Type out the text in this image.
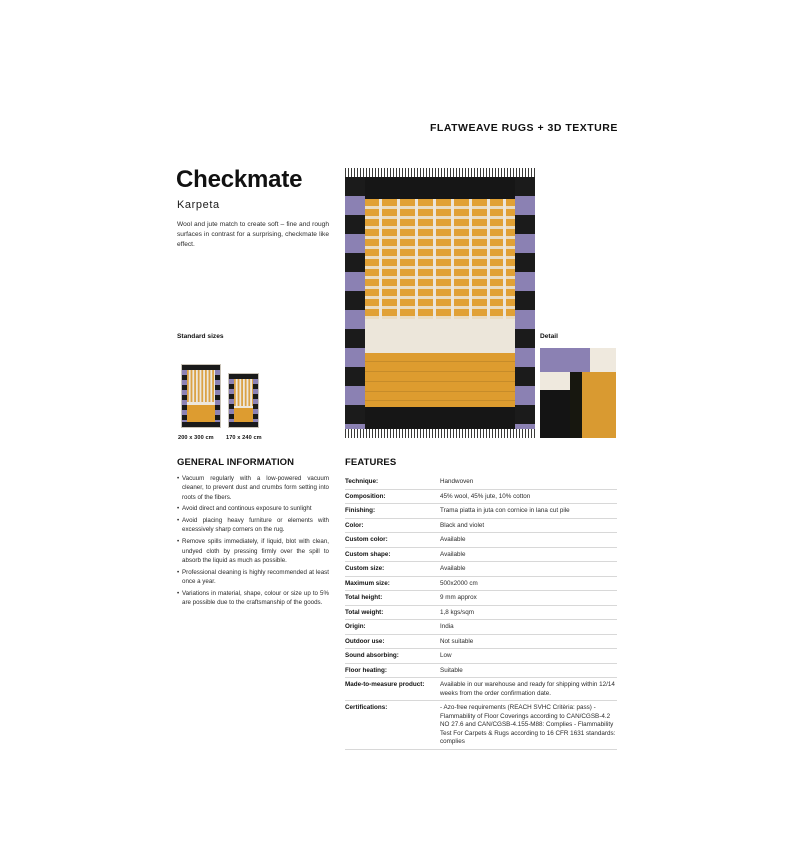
FLATWEAVE RUGS + 3D TEXTURE
Checkmate
Karpeta
Wool and jute match to create soft – fine and rough surfaces in contrast for a surprising, checkmate like effect.
Standard sizes	Detail
200 x 300 cm 170 x 240 cm
GENERAL INFORMATION	FEATURES
• Vacuum regularly with a low-powered vacuum cleaner, to prevent dust and crumbs form setting into roots of the fibers.
• Avoid direct and continous exposure to sunlight
• Avoid placing heavy furniture or elements with excessively sharp corners on the rug.
• Remove spills immediately, if liquid, blot with clean, undyed cloth by pressing firmly over the spill to absorb the liquid as much as possible.
• Professional cleaning is highly recommended at least once a year.
• Variations in material, shape, colour or size up to 5% are possible due to the craftsmanship of the goods.
Technique:	Handwoven
Composition:	45% wool, 45% jute, 10% cotton
Finishing:	Trama piatta in juta con cornice in lana cut pile
Color:	Black and violet
Custom color:	Available
Custom shape:	Available
Custom size:	Available
Maximum size:	500x2000 cm
Total height:	9 mm approx
Total weight:	1,8 kgs/sqm
Origin:	India
Outdoor use:	Not suitable
Sound absorbing:	Low
Floor heating:	Suitable
Made-to-measure product:	Available in our warehouse and ready for shipping within 12/14 weeks from the order confirmation date.
Certifications:	- Azo-free requirements (REACH SVHC Critèria: pass) - Flammability of Floor Coverings according to CAN/CGSB-4.2 NO 27.6 and CAN/CGSB-4.155-M88: Complies - Flammability Test For Carpets & Rugs according to 16 CFR 1631 standards: complies
